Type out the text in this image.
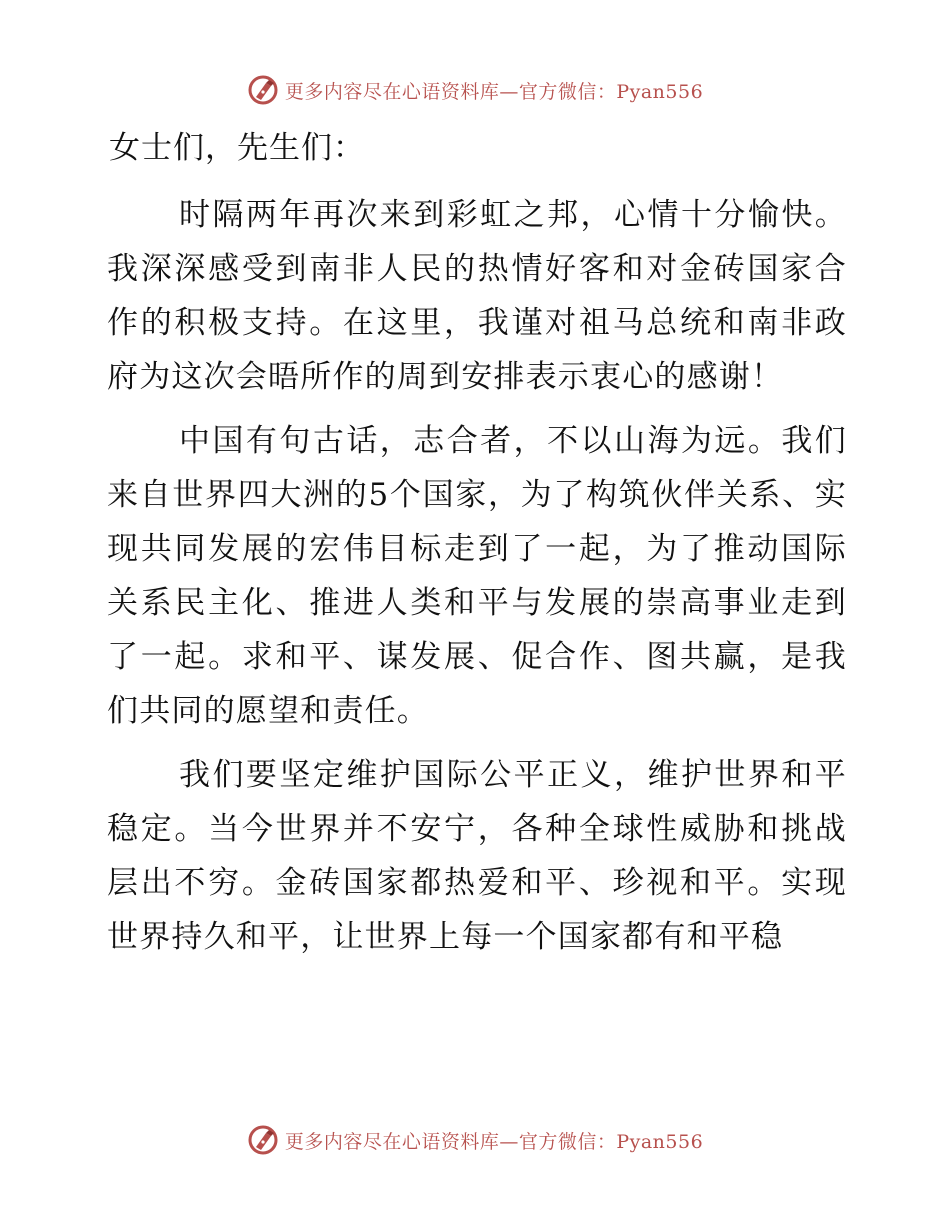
更多内容尽在心语资料库—官方微信：Pyan556
女士们，先生们：

时隔两年再次来到彩虹之邦，心情十分愉快。我深深感受到南非人民的热情好客和对金砖国家合作的积极支持。在这里，我谨对祖马总统和南非政府为这次会晤所作的周到安排表示衷心的感谢！

中国有句古话，志合者，不以山海为远。我们来自世界四大洲的5个国家，为了构筑伙伴关系、实现共同发展的宏伟目标走到了一起，为了推动国际关系民主化、推进人类和平与发展的崇高事业走到了一起。求和平、谋发展、促合作、图共赢，是我们共同的愿望和责任。

我们要坚定维护国际公平正义，维护世界和平稳定。当今世界并不安宁，各种全球性威胁和挑战层出不穷。金砖国家都热爱和平、珍视和平。实现世界持久和平，让世界上每一个国家都有和平稳

更多内容尽在心语资料库—官方微信：Pyan556
